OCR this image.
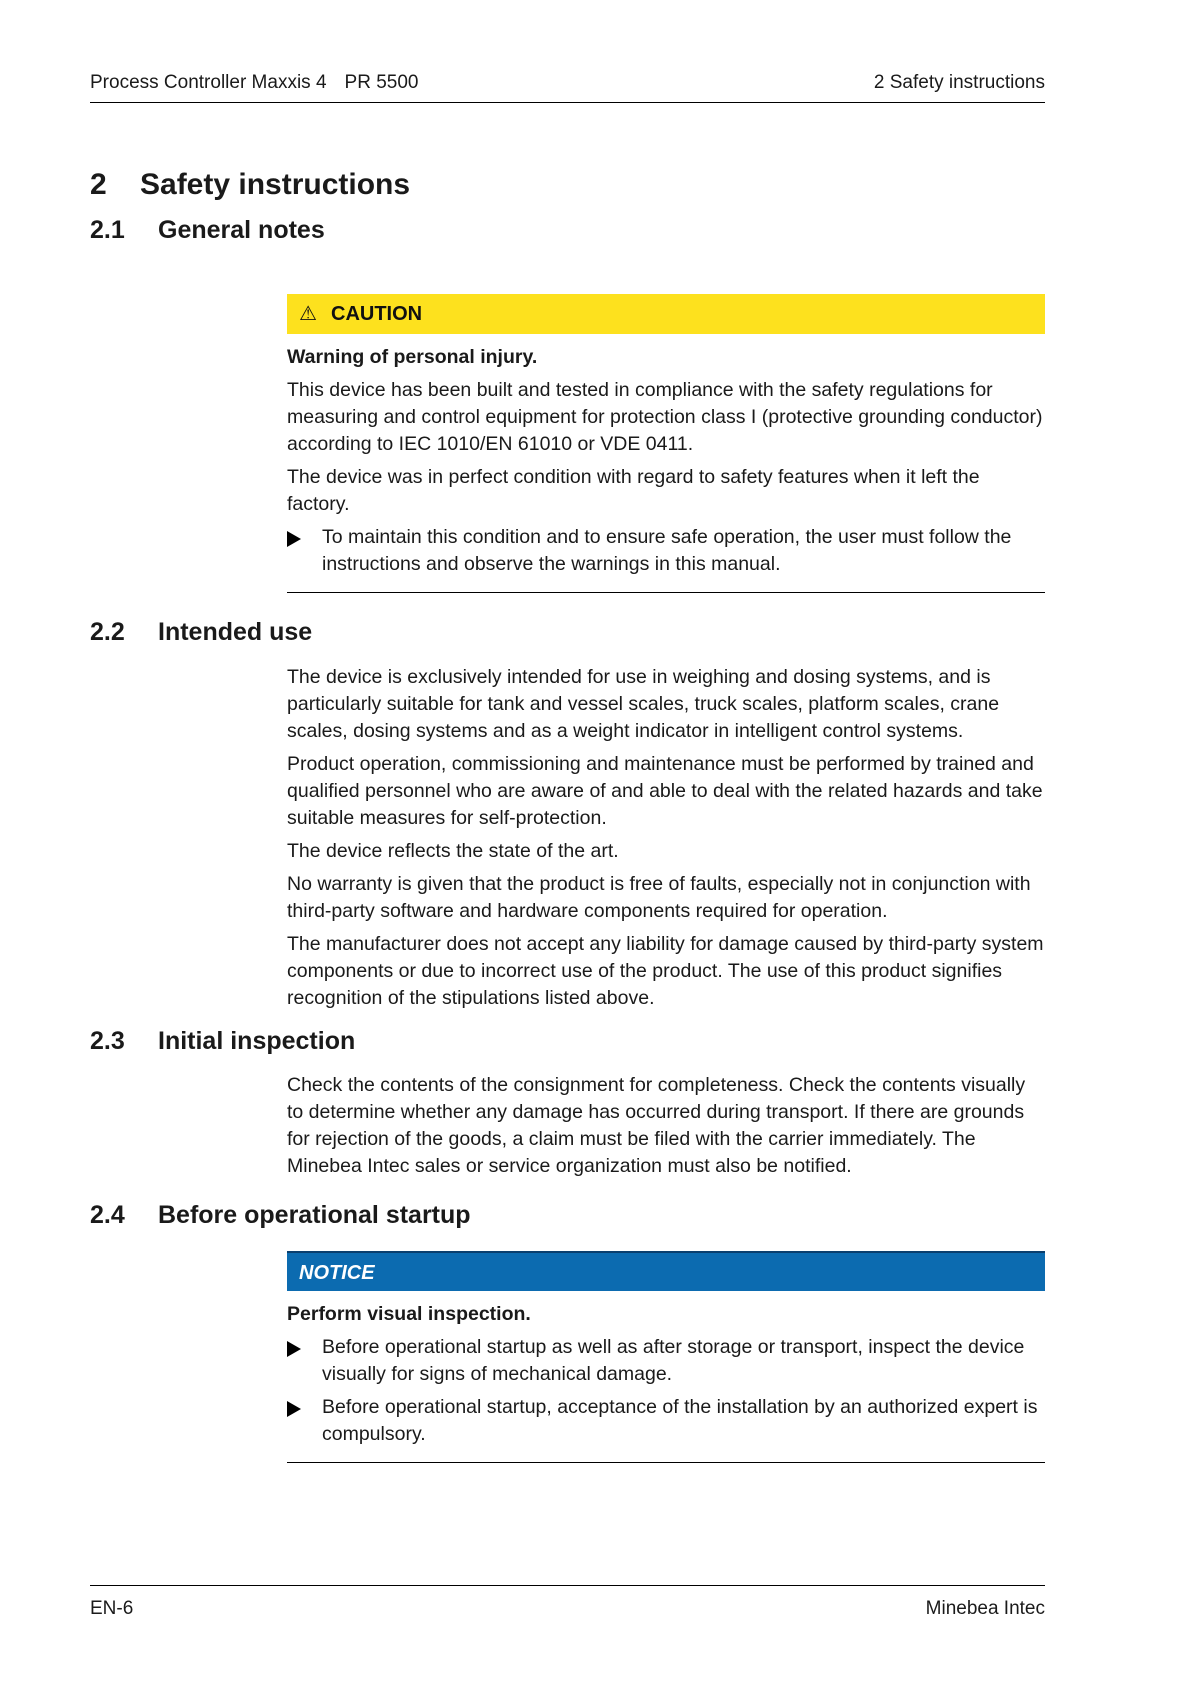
Process Controller Maxxis 4 PR 5500	2 Safety instructions
2 Safety instructions
2.1 General notes
⚠ CAUTION
Warning of personal injury.

This device has been built and tested in compliance with the safety regulations for measuring and control equipment for protection class I (protective grounding conductor) according to IEC 1010/EN 61010 or VDE 0411.

The device was in perfect condition with regard to safety features when it left the factory.

To maintain this condition and to ensure safe operation, the user must follow the instructions and observe the warnings in this manual.
2.2 Intended use

The device is exclusively intended for use in weighing and dosing systems, and is particularly suitable for tank and vessel scales, truck scales, platform scales, crane scales, dosing systems and as a weight indicator in intelligent control systems.

Product operation, commissioning and maintenance must be performed by trained and qualified personnel who are aware of and able to deal with the related hazards and take suitable measures for self-protection.

The device reflects the state of the art.

No warranty is given that the product is free of faults, especially not in conjunction with third-party software and hardware components required for operation.

The manufacturer does not accept any liability for damage caused by third-party system components or due to incorrect use of the product. The use of this product signifies recognition of the stipulations listed above.

2.3 Initial inspection

Check the contents of the consignment for completeness. Check the contents visually to determine whether any damage has occurred during transport. If there are grounds for rejection of the goods, a claim must be filed with the carrier immediately. The Minebea Intec sales or service organization must also be notified.

2.4 Before operational startup
NOTICE
Perform visual inspection.
Before operational startup as well as after storage or transport, inspect the device visually for signs of mechanical damage.
Before operational startup, acceptance of the installation by an authorized expert is compulsory.
EN-6	Minebea Intec
